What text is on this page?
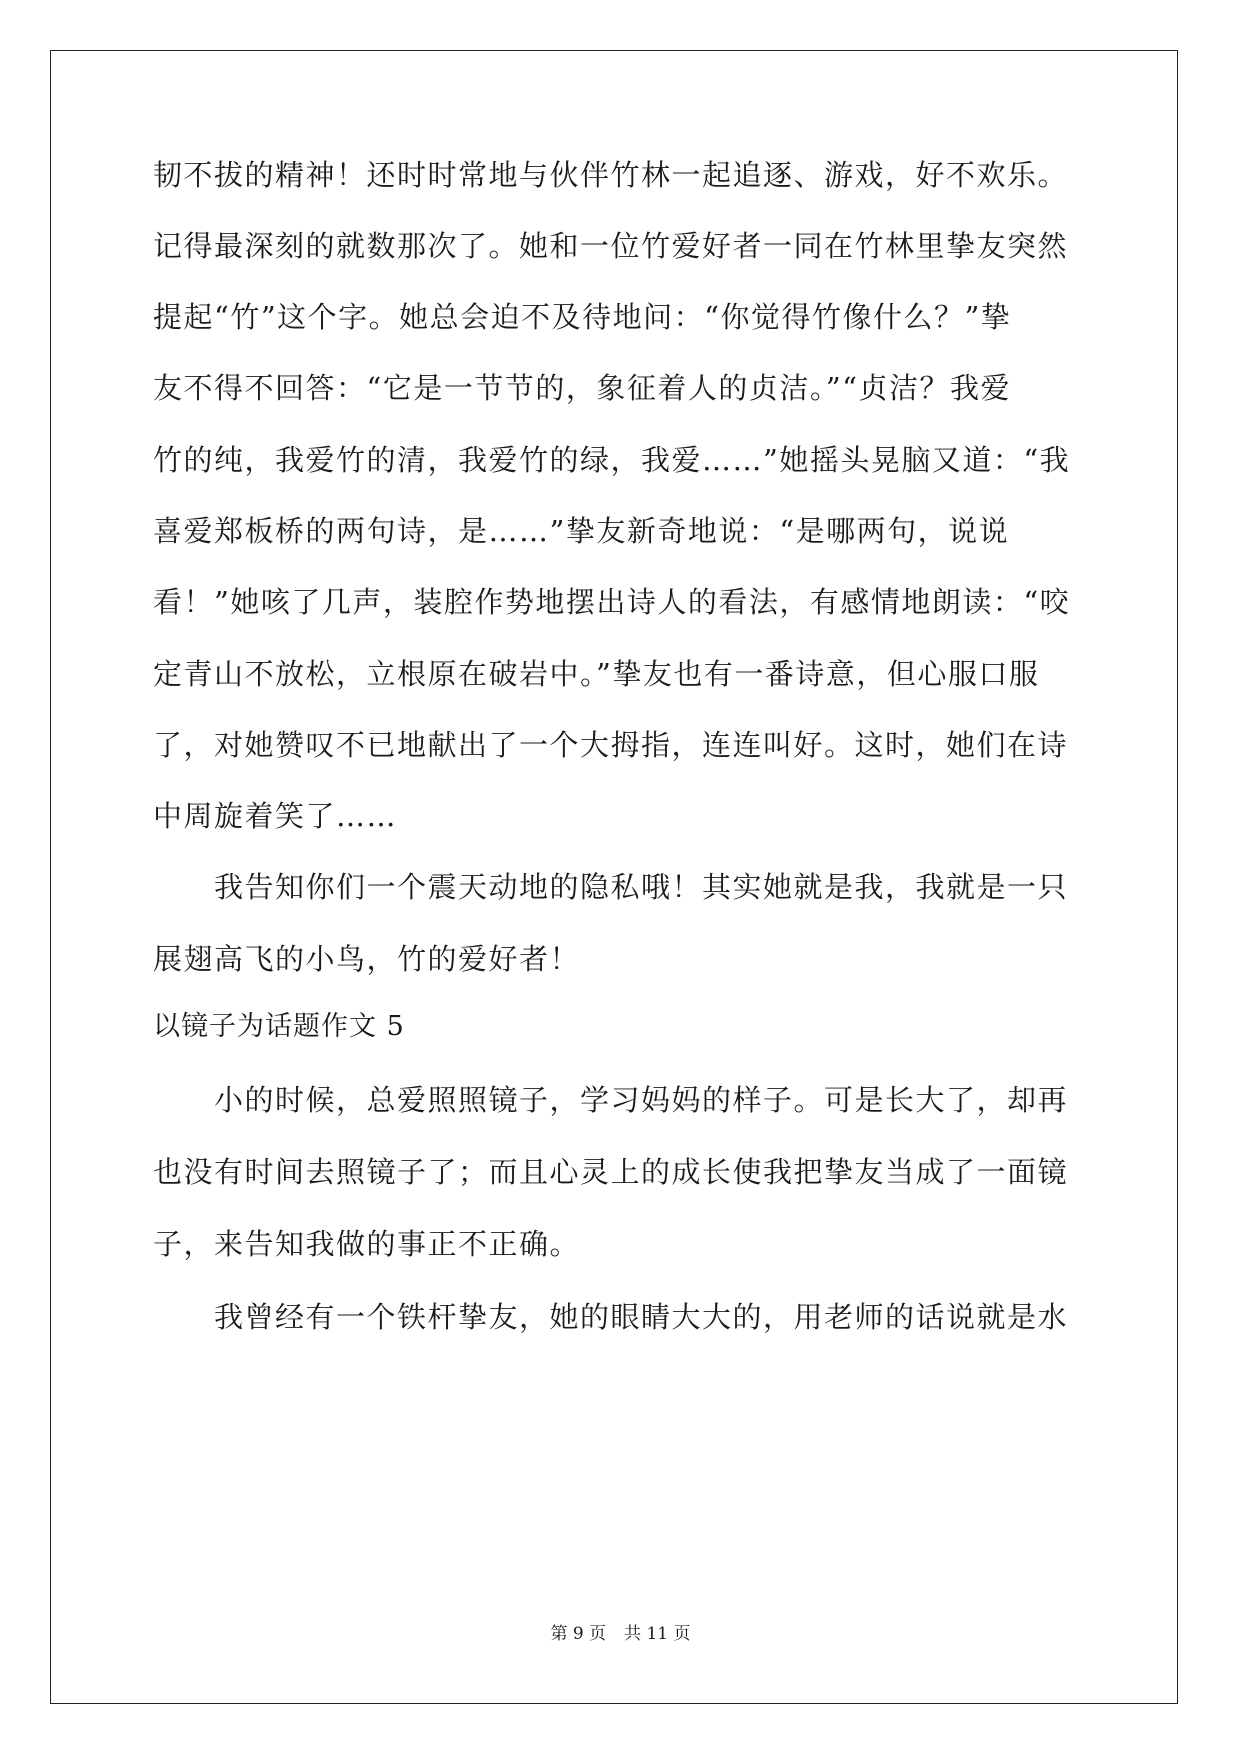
韧不拔的精神！还时时常地与伙伴竹林一起追逐、游戏，好不欢乐。
记得最深刻的就数那次了。她和一位竹爱好者一同在竹林里挚友突然
提起“竹”这个字。她总会迫不及待地问：“你觉得竹像什么？”挚
友不得不回答：“它是一节节的，象征着人的贞洁。”“贞洁？我爱
竹的纯，我爱竹的清，我爱竹的绿，我爱……”她摇头晃脑又道：“我
喜爱郑板桥的两句诗，是……”挚友新奇地说：“是哪两句，说说
看！”她咳了几声，装腔作势地摆出诗人的看法，有感情地朗读：“咬
定青山不放松，立根原在破岩中。”挚友也有一番诗意，但心服口服
了，对她赞叹不已地献出了一个大拇指，连连叫好。这时，她们在诗
中周旋着笑了……
　　我告知你们一个震天动地的隐私哦！其实她就是我，我就是一只
展翅高飞的小鸟，竹的爱好者！
以镜子为话题作文 5
　　小的时候，总爱照照镜子，学习妈妈的样子。可是长大了，却再
也没有时间去照镜子了；而且心灵上的成长使我把挚友当成了一面镜
子，来告知我做的事正不正确。
　　我曾经有一个铁杆挚友，她的眼睛大大的，用老师的话说就是水
第 9 页 共 11 页
